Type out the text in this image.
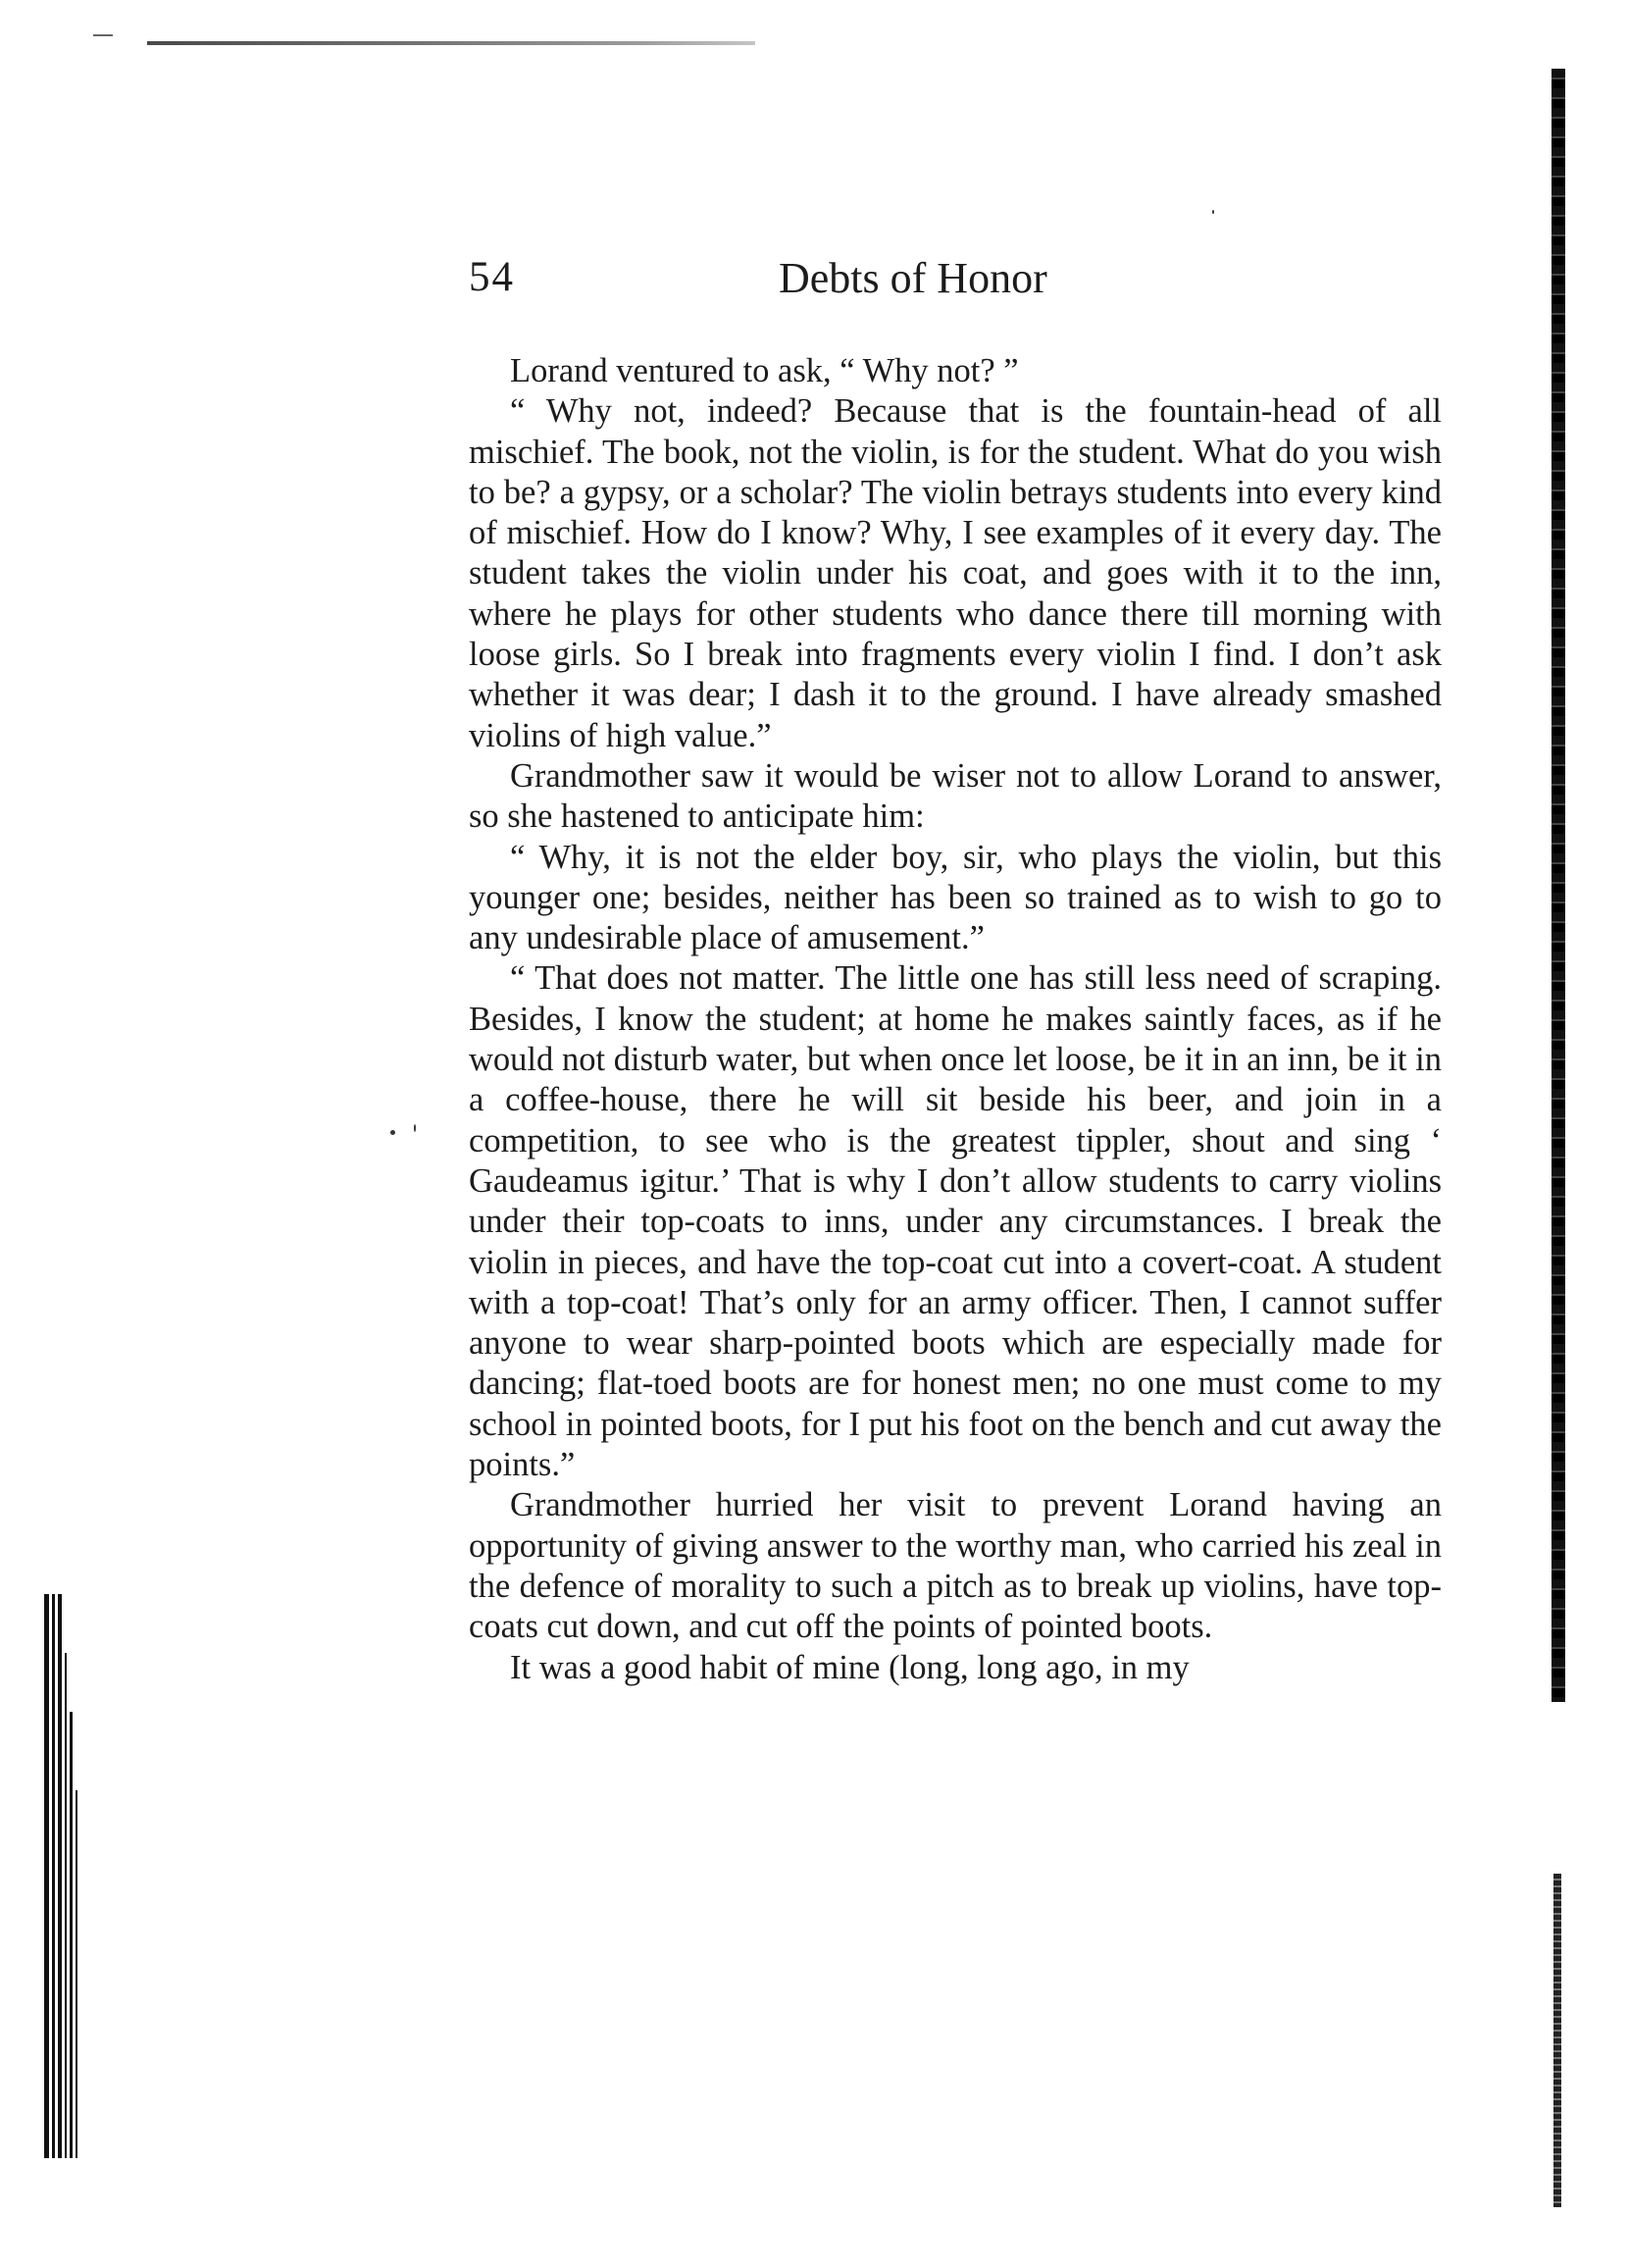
54	Debts of Honor

Lorand ventured to ask, “ Why not? ”

“ Why not, indeed? Because that is the fountain-head of all mischief. The book, not the violin, is for the student. What do you wish to be? a gypsy, or a scholar? The violin betrays students into every kind of mischief. How do I know? Why, I see examples of it every day. The student takes the violin under his coat, and goes with it to the inn, where he plays for other students who dance there till morning with loose girls. So I break into fragments every violin I find. I don’t ask whether it was dear; I dash it to the ground. I have already smashed violins of high value.”

Grandmother saw it would be wiser not to allow Lorand to answer, so she hastened to anticipate him:

“ Why, it is not the elder boy, sir, who plays the violin, but this younger one; besides, neither has been so trained as to wish to go to any undesirable place of amusement.”

“ That does not matter. The little one has still less need of scraping. Besides, I know the student; at home he makes saintly faces, as if he would not disturb water, but when once let loose, be it in an inn, be it in a coffee-house, there he will sit beside his beer, and join in a competition, to see who is the greatest tippler, shout and sing ‘ Gaudeamus igitur.’ That is why I don’t allow students to carry violins under their top-coats to inns, under any circumstances. I break the violin in pieces, and have the top-coat cut into a covert-coat. A student with a top-coat! That’s only for an army officer. Then, I cannot suffer anyone to wear sharp-pointed boots which are especially made for dancing; flat-toed boots are for honest men; no one must come to my school in pointed boots, for I put his foot on the bench and cut away the points.”

Grandmother hurried her visit to prevent Lorand having an opportunity of giving answer to the worthy man, who carried his zeal in the defence of morality to such a pitch as to break up violins, have top-coats cut down, and cut off the points of pointed boots.

It was a good habit of mine (long, long ago, in my
